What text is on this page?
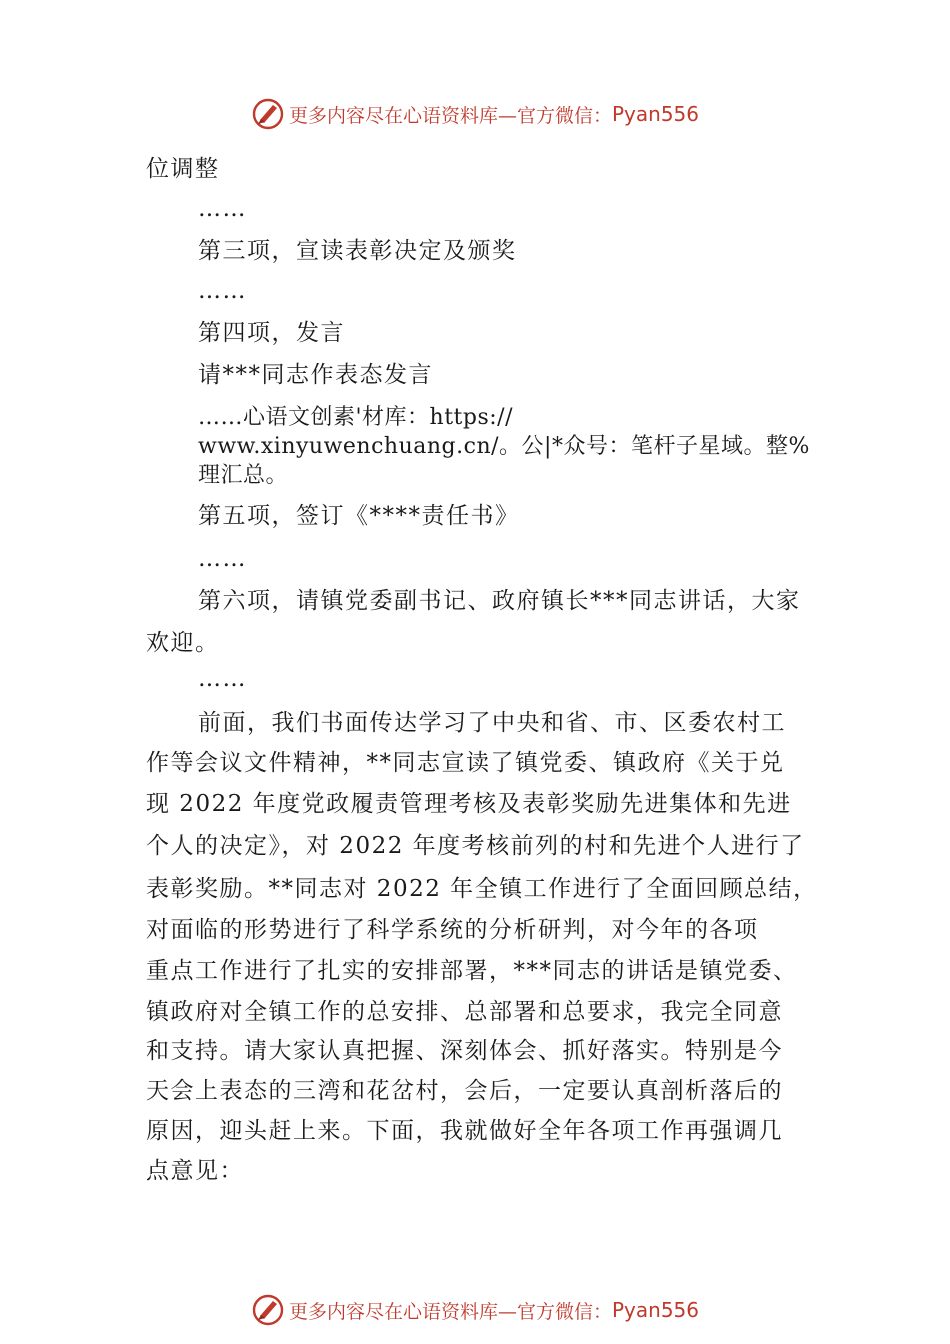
更多内容尽在心语资料库—官方微信： Pyan556
位调整
……
第三项，宣读表彰决定及颁奖
……
第四项，发言
请***同志作表态发言
……心语文创素'材库：https://
www.xinyuwenchuang.cn/。公|*众号：笔杆子星域。整%
理汇总。
第五项，签订《****责任书》
……
第六项，请镇党委副书记、政府镇长***同志讲话，大家
欢迎。
……
前面，我们书面传达学习了中央和省、市、区委农村工
作等会议文件精神，**同志宣读了镇党委、镇政府《关于兑
现 2022 年度党政履责管理考核及表彰奖励先进集体和先进
个人的决定》，对 2022 年度考核前列的村和先进个人进行了
表彰奖励。**同志对 2022 年全镇工作进行了全面回顾总结，
对面临的形势进行了科学系统的分析研判，对今年的各项
重点工作进行了扎实的安排部署，***同志的讲话是镇党委、
镇政府对全镇工作的总安排、总部署和总要求，我完全同意
和支持。请大家认真把握、深刻体会、抓好落实。特别是今
天会上表态的三湾和花岔村，会后，一定要认真剖析落后的
原因，迎头赶上来。下面，我就做好全年各项工作再强调几
点意见：
更多内容尽在心语资料库—官方微信： Pyan556
